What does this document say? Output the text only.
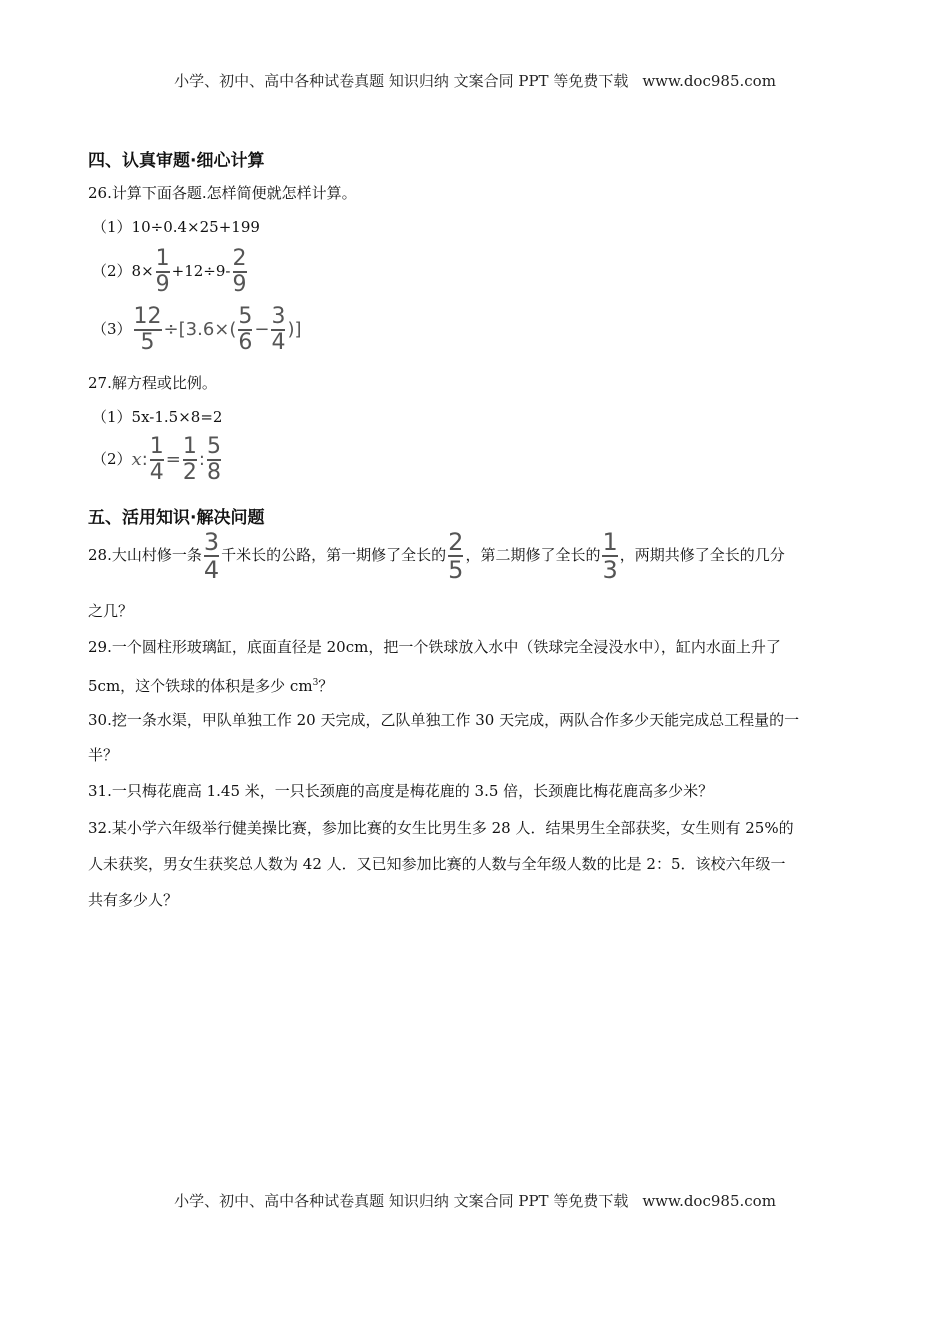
小学、初中、高中各种试卷真题 知识归纳 文案合同 PPT 等免费下载 www.doc985.com
四、认真审题·细心计算
26.计算下面各题.怎样简便就怎样计算。
（1）10÷0.4×25+199
$(2)8\times \frac{1}{9} +12\div 9- \frac{2}{9}$
$(3) \frac{12}{5} \div[3.6\times( \frac{5}{6} - \frac{3}{4}$ )]
27.解方程或比例。
（1）5x-1.5×8=2
（2）x: $\frac{1}{4} = \frac{1}{2}$ : $\frac{5}{8}$
五、活用知识·解决问题
28.大山村修一条 $\frac{3}{4}$ 千米长的公路，第一期修了全长的 $\frac{2}{5}$ ，第二期修了全长的 $\frac{1}{3}$ ，两期共修了全长的几分
之几？
29.一个圆柱形玻璃缸，底面直径是 20cm，把一个铁球放入水中（铁球完全浸没水中），缸内水面上升了
5cm，这个铁球的体积是多少 $cm^3$？
30.挖一条水渠，甲队单独工作 20 天完成，乙队单独工作 30 天完成，两队合作多少天能完成总工程量的一
半？
31.一只梅花鹿高 1.45 米，一只长颈鹿的高度是梅花鹿的 3.5 倍，长颈鹿比梅花鹿高多少米？
32.某小学六年级举行健美操比赛，参加比赛的女生比男生多 28 人．结果男生全部获奖，女生则有 25%的
人未获奖，男女生获奖总人数为 42 人．又已知参加比赛的人数与全年级人数的比是 2：5．该校六年级一
共有多少人？
小学、初中、高中各种试卷真题 知识归纳 文案合同 PPT 等免费下载 www.doc985.com
